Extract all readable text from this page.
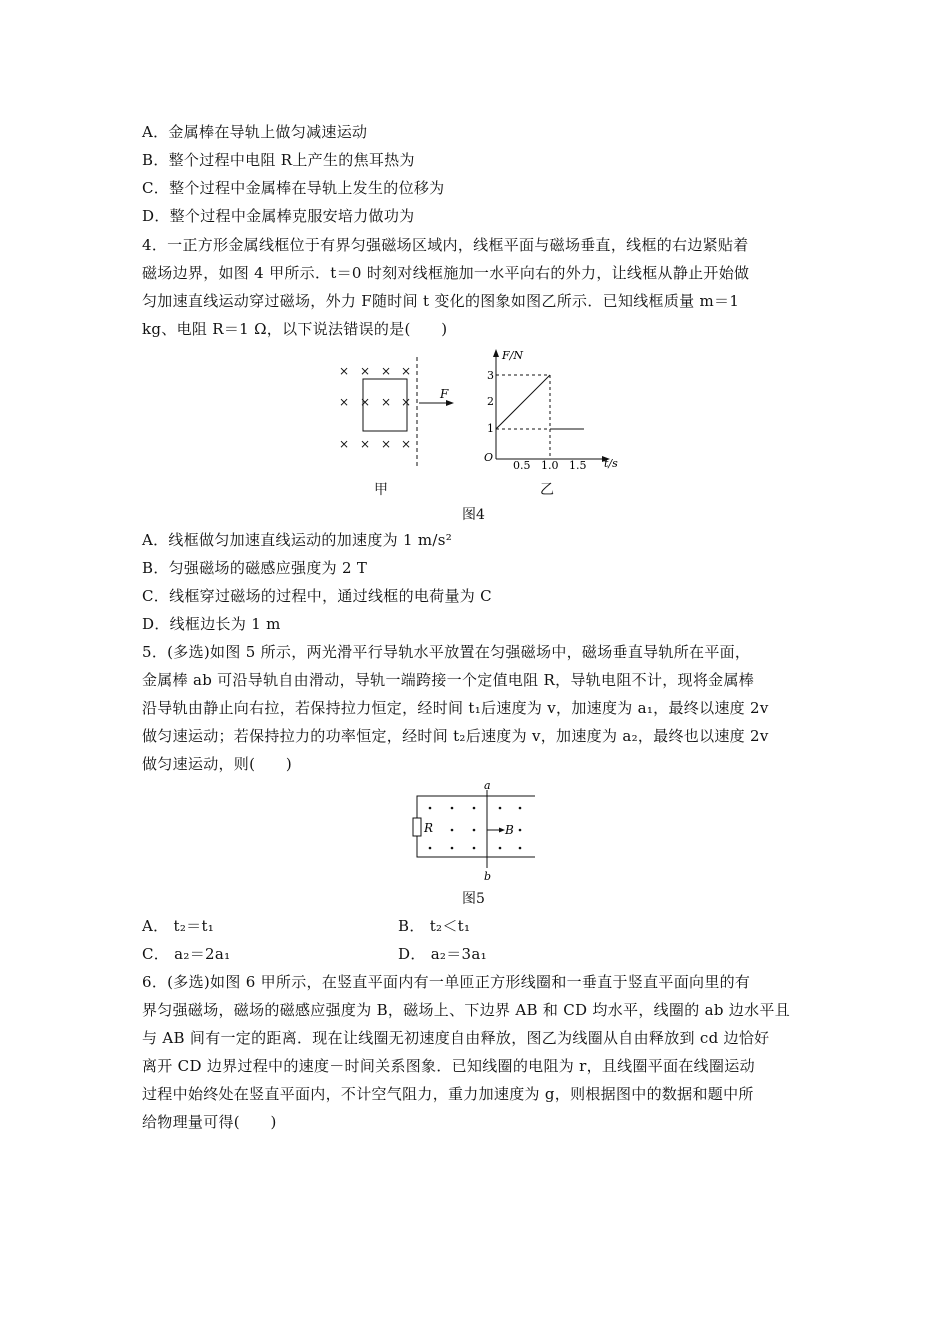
A．金属棒在导轨上做匀减速运动
B．整个过程中电阻 R上产生的焦耳热为
C．整个过程中金属棒在导轨上发生的位移为
D．整个过程中金属棒克服安培力做功为
4．一正方形金属线框位于有界匀强磁场区域内，线框平面与磁场垂直，线框的右边紧贴着
磁场边界，如图 4 甲所示．t＝0 时刻对线框施加一水平向右的外力，让线框从静止开始做
匀加速直线运动穿过磁场，外力 F随时间 t 变化的图象如图乙所示．已知线框质量 m＝1
kg、电阻 R＝1 Ω，以下说法错误的是(　　)
× × × ×
× × × ×
× × × ×
F
甲
F/N
t/s
O
1
2
3
0.5 1.0 1.5
乙
图4
A．线框做匀加速直线运动的加速度为 1 m/s²
B．匀强磁场的磁感应强度为 2 T
C．线框穿过磁场的过程中，通过线框的电荷量为 C
D．线框边长为 1 m
5．(多选)如图 5 所示，两光滑平行导轨水平放置在匀强磁场中，磁场垂直导轨所在平面，
金属棒 ab 可沿导轨自由滑动，导轨一端跨接一个定值电阻 R，导轨电阻不计，现将金属棒
沿导轨由静止向右拉，若保持拉力恒定，经时间 t₁后速度为 v，加速度为 a₁，最终以速度 2v
做匀速运动；若保持拉力的功率恒定，经时间 t₂后速度为 v，加速度为 a₂，最终也以速度 2v
做匀速运动，则(　　)
R
a
b
B
图5
A． t₂＝t₁	B． t₂＜t₁
C． a₂＝2a₁	D． a₂＝3a₁
6．(多选)如图 6 甲所示，在竖直平面内有一单匝正方形线圈和一垂直于竖直平面向里的有
界匀强磁场，磁场的磁感应强度为 B，磁场上、下边界 AB 和 CD 均水平，线圈的 ab 边水平且
与 AB 间有一定的距离．现在让线圈无初速度自由释放，图乙为线圈从自由释放到 cd 边恰好
离开 CD 边界过程中的速度－时间关系图象．已知线圈的电阻为 r，且线圈平面在线圈运动
过程中始终处在竖直平面内，不计空气阻力，重力加速度为 g，则根据图中的数据和题中所
给物理量可得(　　)
